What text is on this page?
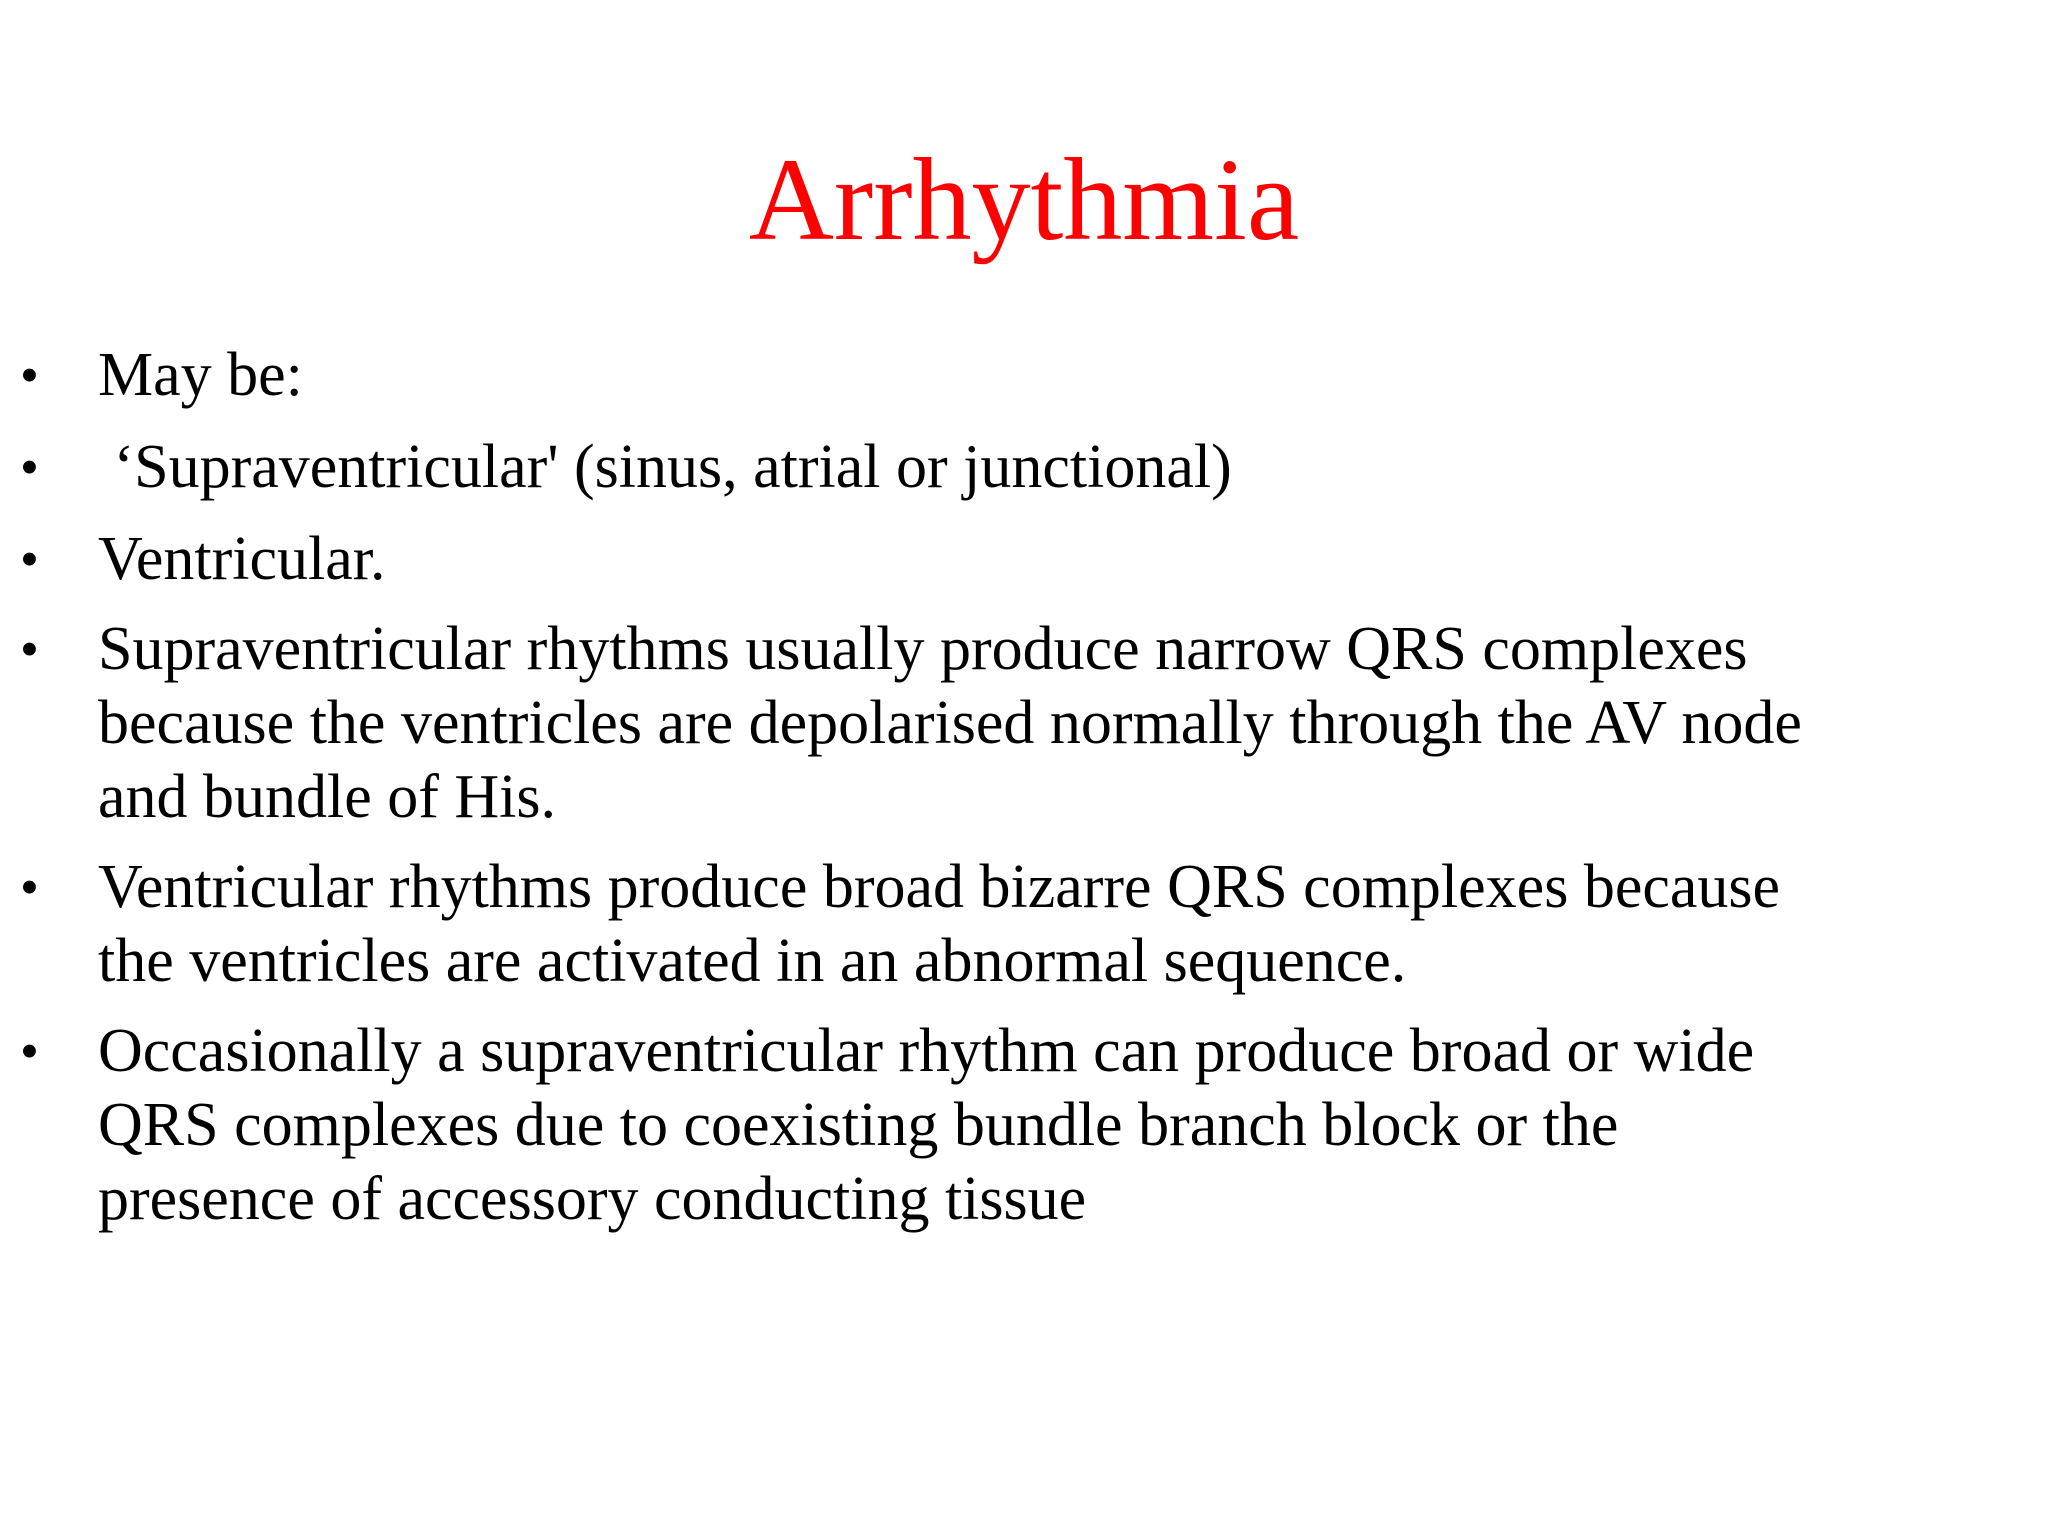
Arrhythmia
• May be:
• ‘Supraventricular' (sinus, atrial or junctional)
• Ventricular.
• Supraventricular rhythms usually produce narrow QRS complexes
because the ventricles are depolarised normally through the AV node
and bundle of His.
• Ventricular rhythms produce broad bizarre QRS complexes because
the ventricles are activated in an abnormal sequence.
• Occasionally a supraventricular rhythm can produce broad or wide
QRS complexes due to coexisting bundle branch block or the
presence of accessory conducting tissue
